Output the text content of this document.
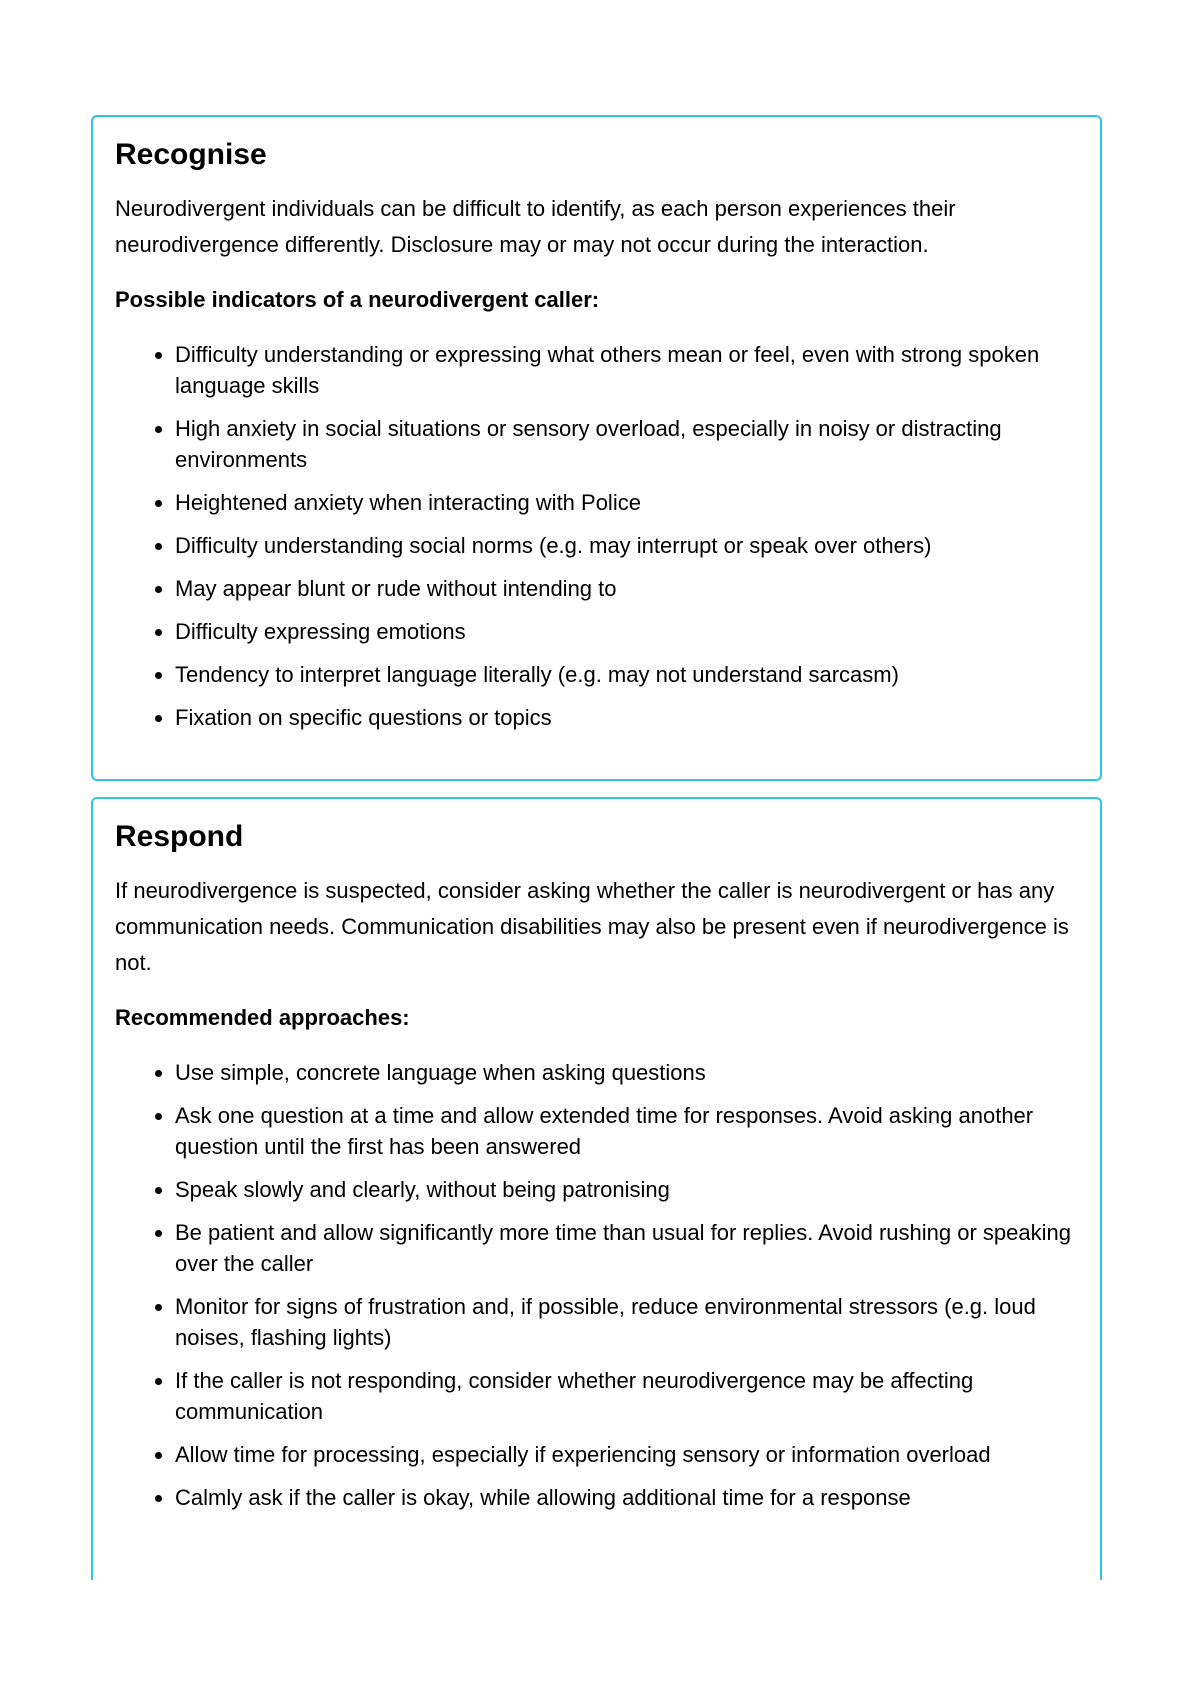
Recognise

Neurodivergent individuals can be difficult to identify, as each person experiences their neurodivergence differently. Disclosure may or may not occur during the interaction.

Possible indicators of a neurodivergent caller:

• Difficulty understanding or expressing what others mean or feel, even with strong spoken language skills
• High anxiety in social situations or sensory overload, especially in noisy or distracting environments
• Heightened anxiety when interacting with Police
• Difficulty understanding social norms (e.g. may interrupt or speak over others)
• May appear blunt or rude without intending to
• Difficulty expressing emotions
• Tendency to interpret language literally (e.g. may not understand sarcasm)
• Fixation on specific questions or topics
Respond

If neurodivergence is suspected, consider asking whether the caller is neurodivergent or has any communication needs. Communication disabilities may also be present even if neurodivergence is not.

Recommended approaches:

• Use simple, concrete language when asking questions
• Ask one question at a time and allow extended time for responses. Avoid asking another question until the first has been answered
• Speak slowly and clearly, without being patronising
• Be patient and allow significantly more time than usual for replies. Avoid rushing or speaking over the caller
• Monitor for signs of frustration and, if possible, reduce environmental stressors (e.g. loud noises, flashing lights)
• If the caller is not responding, consider whether neurodivergence may be affecting communication
• Allow time for processing, especially if experiencing sensory or information overload
• Calmly ask if the caller is okay, while allowing additional time for a response
